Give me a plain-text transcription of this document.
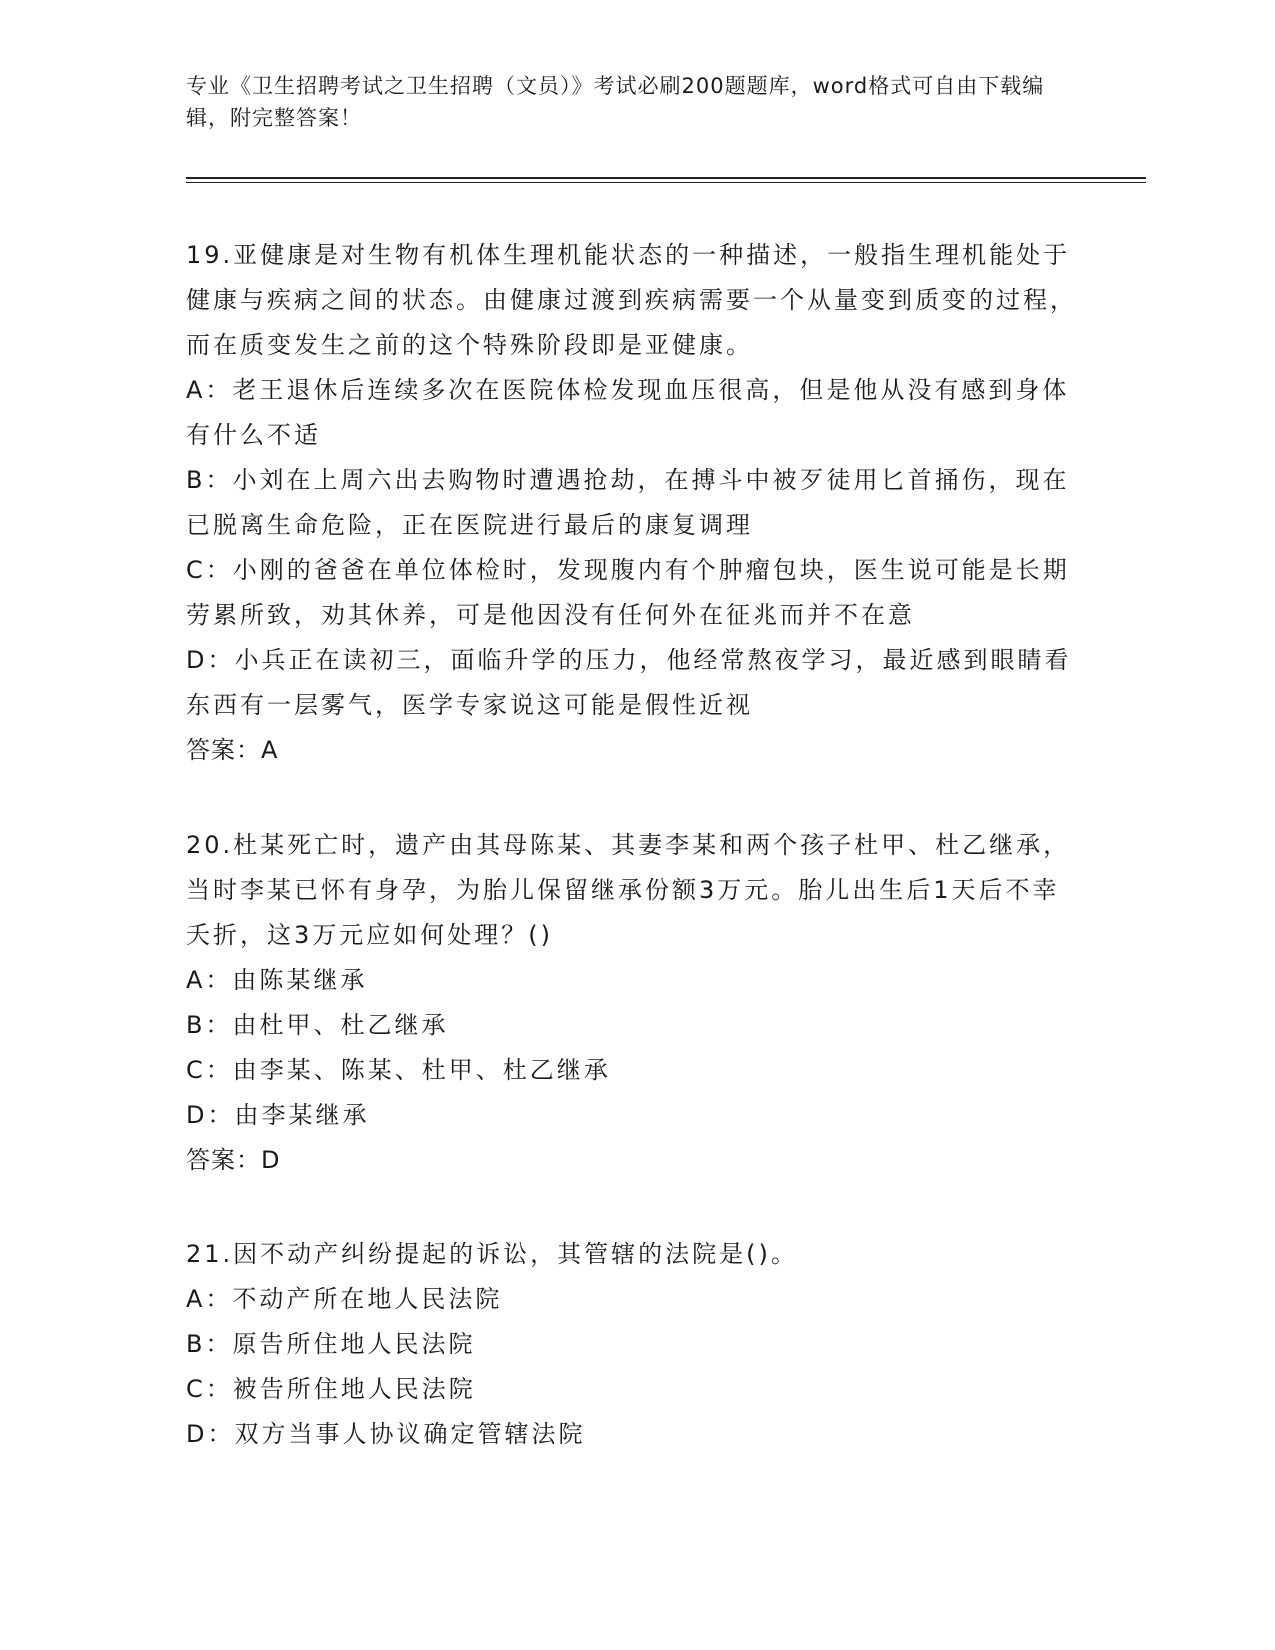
专业《卫生招聘考试之卫生招聘（文员）》考试必刷200题题库，word格式可自由下载编辑，附完整答案！

19.亚健康是对生物有机体生理机能状态的一种描述，一般指生理机能处于健康与疾病之间的状态。由健康过渡到疾病需要一个从量变到质变的过程，而在质变发生之前的这个特殊阶段即是亚健康。

A：老王退休后连续多次在医院体检发现血压很高，但是他从没有感到身体有什么不适

B：小刘在上周六出去购物时遭遇抢劫，在搏斗中被歹徒用匕首捅伤，现在已脱离生命危险，正在医院进行最后的康复调理

C：小刚的爸爸在单位体检时，发现腹内有个肿瘤包块，医生说可能是长期劳累所致，劝其休养，可是他因没有任何外在征兆而并不在意

D：小兵正在读初三，面临升学的压力，他经常熬夜学习，最近感到眼睛看东西有一层雾气，医学专家说这可能是假性近视

答案：A

20.杜某死亡时，遗产由其母陈某、其妻李某和两个孩子杜甲、杜乙继承，当时李某已怀有身孕，为胎儿保留继承份额3万元。胎儿出生后1天后不幸夭折，这3万元应如何处理？()

A：由陈某继承

B：由杜甲、杜乙继承

C：由李某、陈某、杜甲、杜乙继承

D：由李某继承

答案：D

21.因不动产纠纷提起的诉讼，其管辖的法院是()。

A：不动产所在地人民法院

B：原告所住地人民法院

C：被告所住地人民法院

D：双方当事人协议确定管辖法院
